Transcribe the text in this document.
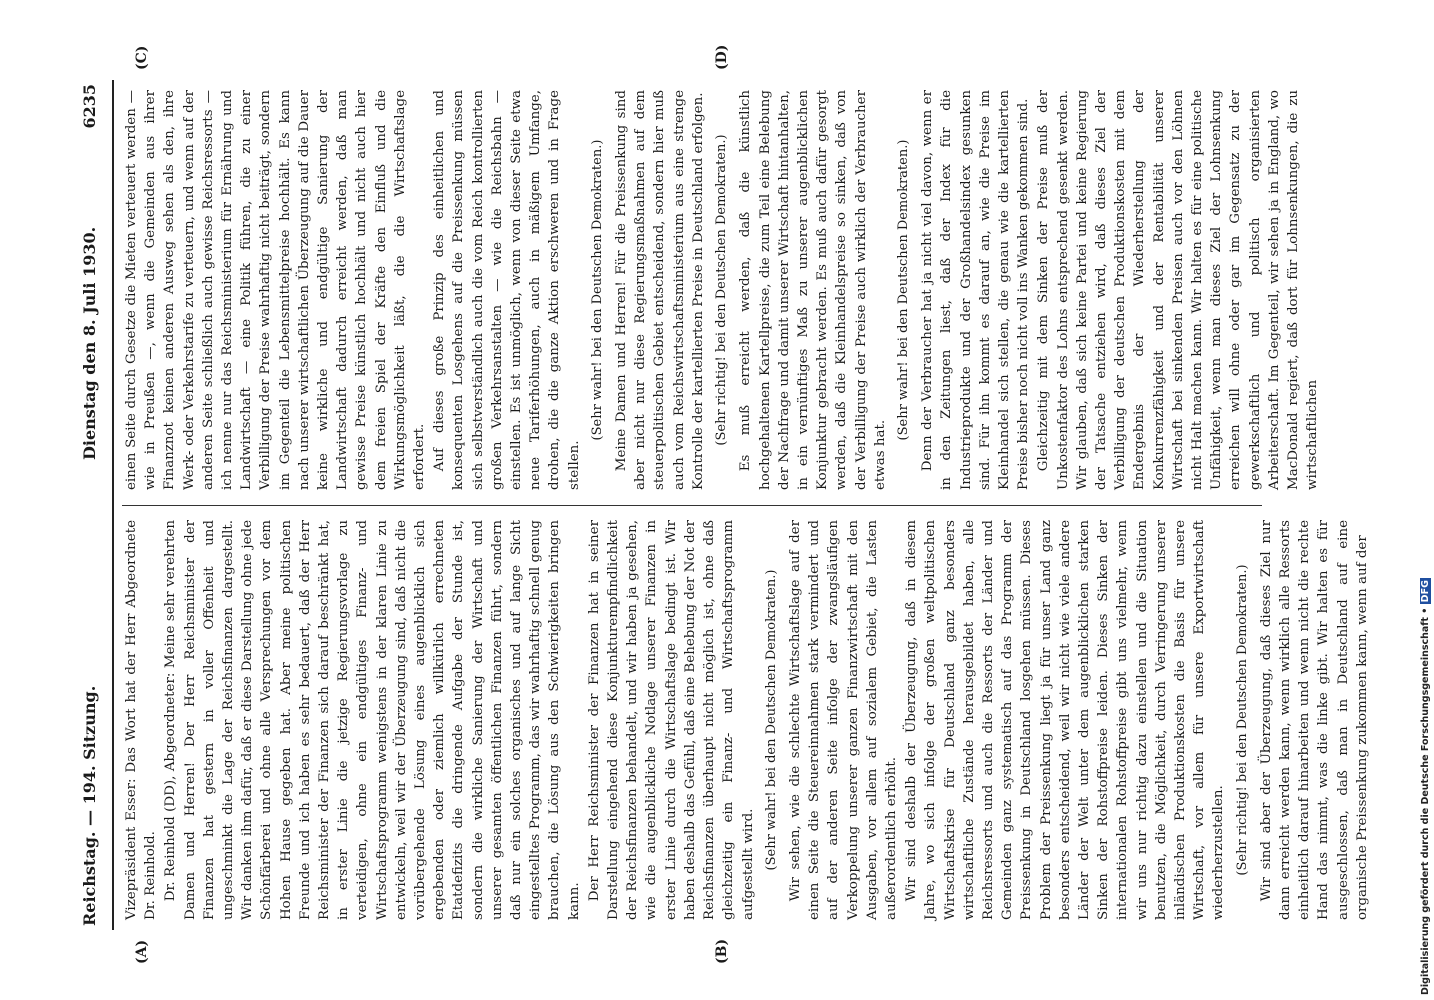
Reichstag. — 194. Sitzung.
Dienstag den 8. Juli 1930.
6235
(A)	(B)
(C)	(D)

Vizepräsident Esser: Das Wort hat der Herr Abgeordnete Dr. Reinhold. Dr. Reinhold (DD), Abgeordneter: Meine sehr verehrten Damen und Herren! Der Herr Reichsminister der Finanzen hat gestern in voller Offenheit und ungeschminkt die Lage der Reichsfinanzen dargestellt. Wir danken ihm dafür, daß er diese Darstellung ohne jede Schönfärberei und ohne alle Versprechungen vor dem Hohen Hause gegeben hat. Aber meine politischen Freunde und ich haben es sehr bedauert, daß der Herr Reichsminister der Finanzen sich darauf beschränkt hat, in erster Linie die jetzige Regierungsvorlage zu verteidigen, ohne ein endgültiges Finanz- und Wirtschaftsprogramm wenigstens in der klaren Linie zu entwickeln, weil wir der Überzeugung sind, daß nicht die vorübergehende Lösung eines augenblicklich sich ergebenden oder ziemlich willkürlich errechneten Etatdefizits die dringende Aufgabe der Stunde ist, sondern die wirkliche Sanierung der Wirtschaft und unserer gesamten öffentlichen Finanzen führt, sondern daß nur ein solches organisches und auf lange Sicht eingestelltes Programm, das wir wahrhaftig schnell genug brauchen, die Lösung aus den Schwierigkeiten bringen kann. Der Herr Reichsminister der Finanzen hat in seiner Darstellung eingehend diese Konjunkturempfindlichkeit der Reichsfinanzen behandelt, und wir haben ja gesehen, wie die augenblickliche Notlage unserer Finanzen in erster Linie durch die Wirtschaftslage bedingt ist. Wir haben deshalb das Gefühl, daß eine Behebung der Not der Reichsfinanzen überhaupt nicht möglich ist, ohne daß gleichzeitig ein Finanz- und Wirtschaftsprogramm aufgestellt wird. (Sehr wahr! bei den Deutschen Demokraten.) Wir sehen, wie die schlechte Wirtschaftslage auf der einen Seite die Steuereinnahmen stark vermindert und auf der anderen Seite infolge der zwangsläufigen Verkoppelung unserer ganzen Finanzwirtschaft mit den Ausgaben, vor allem auf sozialem Gebiet, die Lasten außerordentlich erhöht. Wir sind deshalb der Überzeugung, daß in diesem Jahre, wo sich infolge der großen weltpolitischen Wirtschaftskrise für Deutschland ganz besonders wirtschaftliche Zustände herausgebildet haben, alle Reichsressorts und auch die Ressorts der Länder und Gemeinden ganz systematisch auf das Programm der Preissenkung in Deutschland losgehen müssen. Dieses Problem der Preissenkung liegt ja für unser Land ganz besonders entscheidend, weil wir nicht wie viele andere Länder der Welt unter dem augenblicklichen starken Sinken der Rohstoffpreise leiden. Dieses Sinken der internationalen Rohstoffpreise gibt uns vielmehr, wenn wir uns nur richtig dazu einstellen und die Situation benutzen, die Möglichkeit, durch Verringerung unserer inländischen Produktionskosten die Basis für unsere Wirtschaft, vor allem für unsere Exportwirtschaft wiederherzustellen. (Sehr richtig! bei den Deutschen Demokraten.) Wir sind aber der Überzeugung, daß dieses Ziel nur dann erreicht werden kann, wenn wirklich alle Ressorts einheitlich darauf hinarbeiten und wenn nicht die rechte Hand das nimmt, was die linke gibt. Wir halten es für ausgeschlossen, daß man in Deutschland auf eine organische Preissenkung zukommen kann, wenn auf der

einen Seite durch Gesetze die Mieten verteuert werden — wie in Preußen —, wenn die Gemeinden aus ihrer Finanznot keinen anderen Ausweg sehen als den, ihre Werk- oder Verkehrstarife zu verteuern, und wenn auf der anderen Seite schließlich auch gewisse Reichsressorts — ich nenne nur das Reichsministerium für Ernährung und Landwirtschaft — eine Politik führen, die zu einer Verbilligung der Preise wahrhaftig nicht beiträgt, sondern im Gegenteil die Lebensmittelpreise hochhält. Es kann nach unserer wirtschaftlichen Überzeugung auf die Dauer keine wirkliche und endgültige Sanierung der Landwirtschaft dadurch erreicht werden, daß man gewisse Preise künstlich hochhält und nicht auch hier dem freien Spiel der Kräfte den Einfluß und die Wirkungsmöglichkeit läßt, die die Wirtschaftslage erfordert. Auf dieses große Prinzip des einheitlichen und konsequenten Losgehens auf die Preissenkung müssen sich selbstverständlich auch die vom Reich kontrollierten großen Verkehrsanstalten — wie die Reichsbahn — einstellen. Es ist unmöglich, wenn von dieser Seite etwa neue Tariferhöhungen, auch in mäßigem Umfange, drohen, die die ganze Aktion erschweren und in Frage stellen.

(Sehr wahr! bei den Deutschen Demokraten.) Meine Damen und Herren! Für die Preissenkung sind aber nicht nur diese Regierungsmaßnahmen auf dem steuerpolitischen Gebiet entscheidend, sondern hier muß auch vom Reichswirtschaftsministerium aus eine strenge Kontrolle der kartellierten Preise in Deutschland erfolgen. (Sehr richtig! bei den Deutschen Demokraten.) Es muß erreicht werden, daß die künstlich hochgehaltenen Kartellpreise, die zum Teil eine Belebung der Nachfrage und damit unserer Wirtschaft hintanhalten, in ein vernünftiges Maß zu unserer augenblicklichen Konjunktur gebracht werden. Es muß auch dafür gesorgt werden, daß die Kleinhandelspreise so sinken, daß von der Verbilligung der Preise auch wirklich der Verbraucher etwas hat.

(Sehr wahr! bei den Deutschen Demokraten.) Denn der Verbraucher hat ja nicht viel davon, wenn er in den Zeitungen liest, daß der Index für die Industrieprodukte und der Großhandelsindex gesunken sind. Für ihn kommt es darauf an, wie die Preise im Kleinhandel sich stellen, die genau wie die kartellierten Preise bisher noch nicht voll ins Wanken gekommen sind. Gleichzeitig mit dem Sinken der Preise muß der Unkostenfaktor des Lohns entsprechend gesenkt werden. Wir glauben, daß sich keine Partei und keine Regierung der Tatsache entziehen wird, daß dieses Ziel der Verbilligung der deutschen Produktionskosten mit dem Endergebnis der Wiederherstellung der Konkurrenzfähigkeit und der Rentabilität unserer Wirtschaft bei sinkenden Preisen auch vor den Löhnen nicht Halt machen kann. Wir halten es für eine politische Unfähigkeit, wenn man dieses Ziel der Lohnsenkung erreichen will ohne oder gar im Gegensatz zu der gewerkschaftlich und politisch organisierten Arbeiterschaft. Im Gegenteil, wir sehen ja in England, wo MacDonald regiert, daß dort für Lohnsenkungen, die zu wirtschaftlichen

Digitalisierung gefördert durch die Deutsche Forschungsgemeinschaft • DFG
